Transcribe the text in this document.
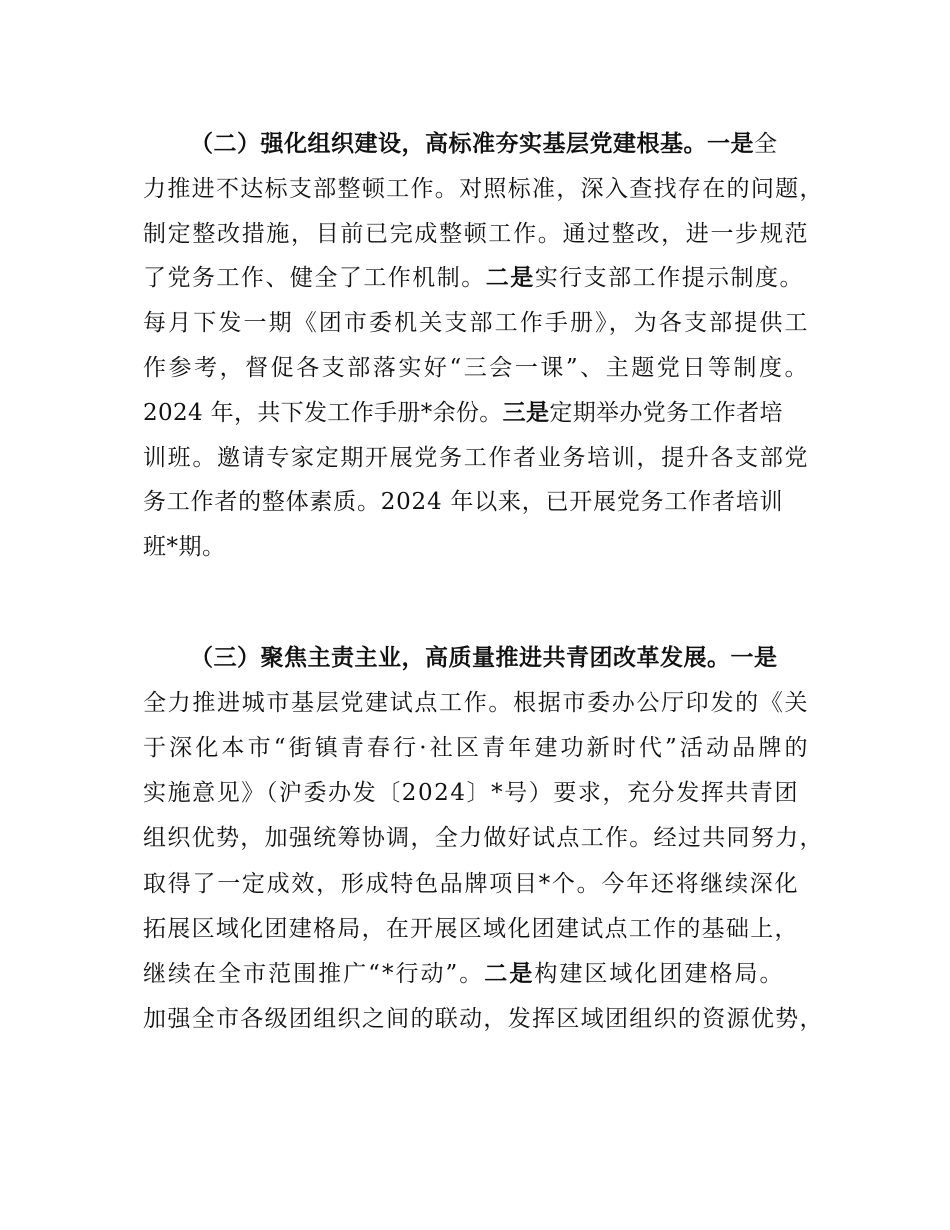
（二）强化组织建设，高标准夯实基层党建根基。一是全
力推进不达标支部整顿工作。对照标准，深入查找存在的问题，
制定整改措施，目前已完成整顿工作。通过整改，进一步规范
了党务工作、健全了工作机制。二是实行支部工作提示制度。
每月下发一期《团市委机关支部工作手册》，为各支部提供工
作参考，督促各支部落实好“三会一课”、主题党日等制度。
2024 年，共下发工作手册*余份。三是定期举办党务工作者培
训班。邀请专家定期开展党务工作者业务培训，提升各支部党
务工作者的整体素质。2024 年以来，已开展党务工作者培训
班*期。
（三）聚焦主责主业，高质量推进共青团改革发展。一是
全力推进城市基层党建试点工作。根据市委办公厅印发的《关
于深化本市“街镇青春行·社区青年建功新时代”活动品牌的
实施意见》（沪委办发〔2024〕*号）要求，充分发挥共青团
组织优势，加强统筹协调，全力做好试点工作。经过共同努力，
取得了一定成效，形成特色品牌项目*个。今年还将继续深化
拓展区域化团建格局，在开展区域化团建试点工作的基础上，
继续在全市范围推广“*行动”。二是构建区域化团建格局。
加强全市各级团组织之间的联动，发挥区域团组织的资源优势，
